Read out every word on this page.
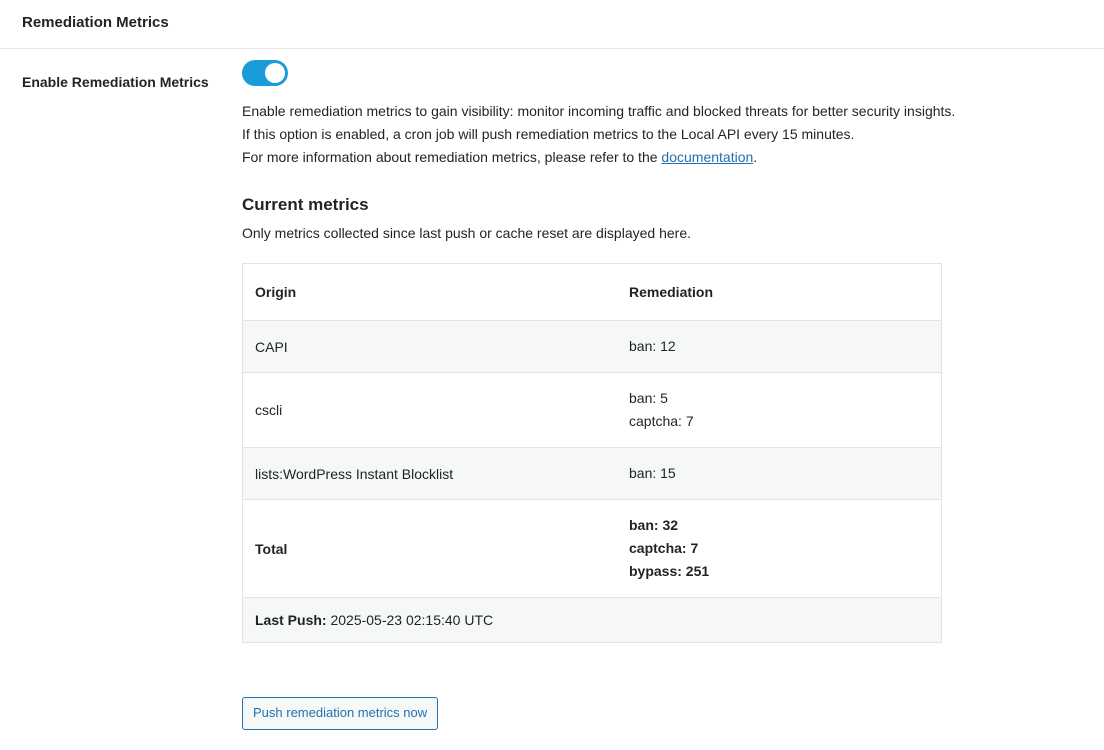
Remediation Metrics
Enable Remediation Metrics

Enable remediation metrics to gain visibility: monitor incoming traffic and blocked threats for better security insights.

If this option is enabled, a cron job will push remediation metrics to the Local API every 15 minutes.

For more information about remediation metrics, please refer to the documentation.

Current metrics

Only metrics collected since last push or cache reset are displayed here.

Origin	Remediation
CAPI	ban: 12

cscli	ban: 5
captcha: 7

lists:WordPress Instant Blocklist	ban: 15

Total	ban: 32
captcha: 7
bypass: 251

Last Push: 2025-05-23 02:15:40 UTC	
Push remediation metrics now
